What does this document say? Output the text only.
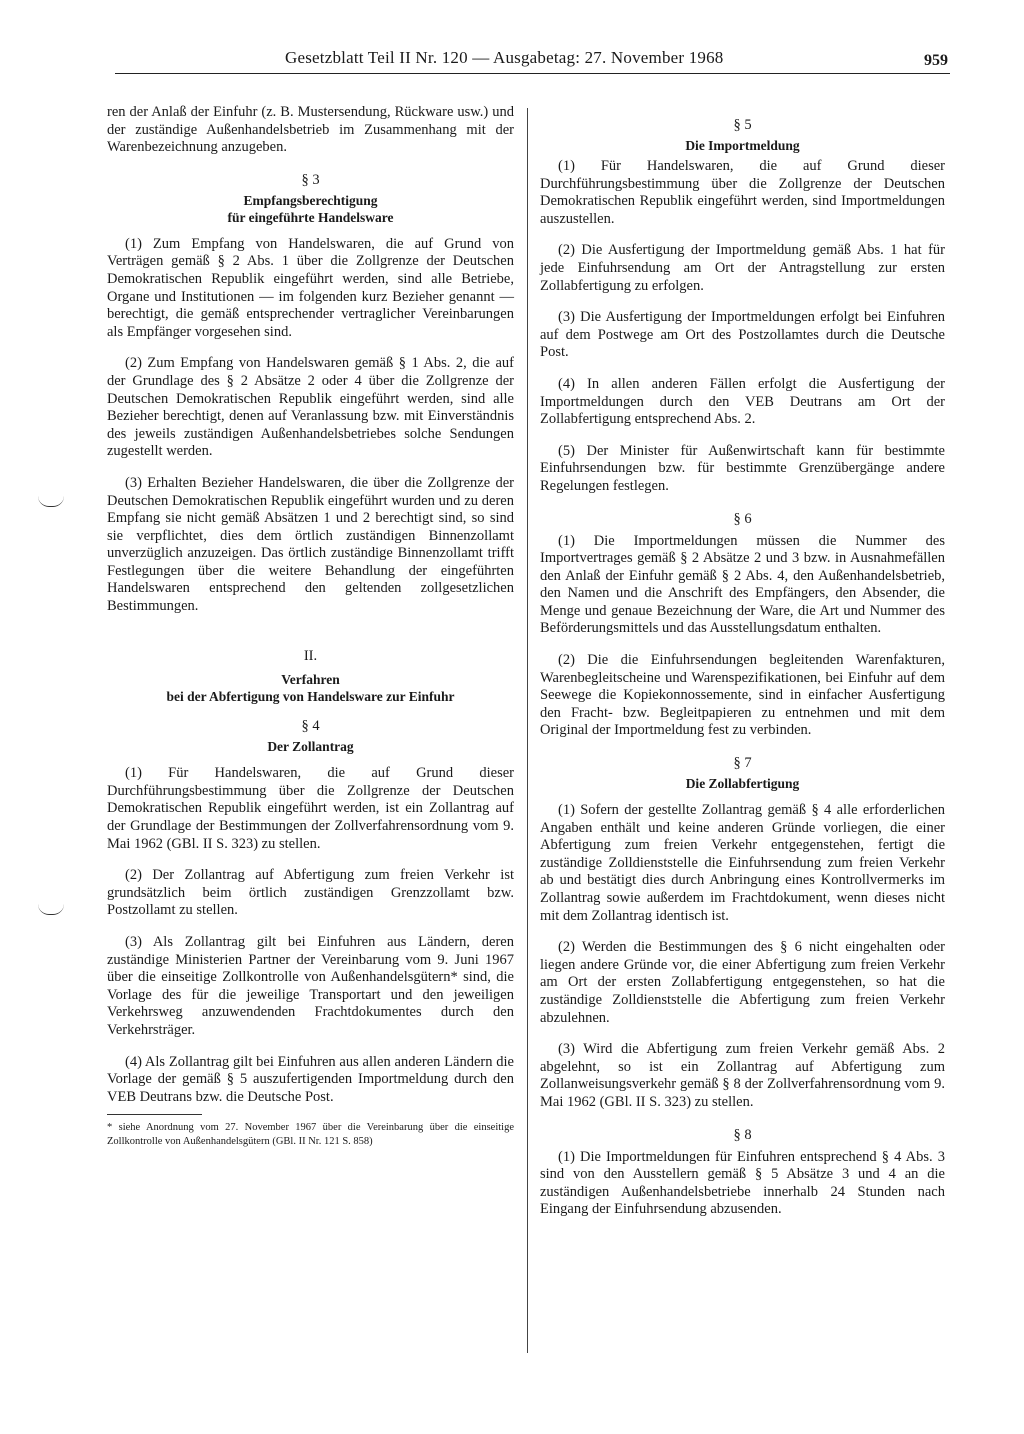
Gesetzblatt Teil II Nr. 120 — Ausgabetag: 27. November 1968	959

ren der Anlaß der Einfuhr (z. B. Mustersendung, Rückware usw.) und der zuständige Außenhandelsbetrieb im Zusammenhang mit der Warenbezeichnung anzugeben.

§ 3
Empfangsberechtigung
für eingeführte Handelsware

(1) Zum Empfang von Handelswaren, die auf Grund von Verträgen gemäß § 2 Abs. 1 über die Zollgrenze der Deutschen Demokratischen Republik eingeführt werden, sind alle Betriebe, Organe und Institutionen — im folgenden kurz Bezieher genannt — berechtigt, die gemäß entsprechender vertraglicher Vereinbarungen als Empfänger vorgesehen sind.

(2) Zum Empfang von Handelswaren gemäß § 1 Abs. 2, die auf der Grundlage des § 2 Absätze 2 oder 4 über die Zollgrenze der Deutschen Demokratischen Republik eingeführt werden, sind alle Bezieher berechtigt, denen auf Veranlassung bzw. mit Einverständnis des jeweils zuständigen Außenhandelsbetriebes solche Sendungen zugestellt werden.

(3) Erhalten Bezieher Handelswaren, die über die Zollgrenze der Deutschen Demokratischen Republik eingeführt wurden und zu deren Empfang sie nicht gemäß Absätzen 1 und 2 berechtigt sind, so sind sie verpflichtet, dies dem örtlich zuständigen Binnenzollamt unverzüglich anzuzeigen. Das örtlich zuständige Binnenzollamt trifft Festlegungen über die weitere Behandlung der eingeführten Handelswaren entsprechend den geltenden zollgesetzlichen Bestimmungen.

II.
Verfahren
bei der Abfertigung von Handelsware zur Einfuhr
§ 4
Der Zollantrag

(1) Für Handelswaren, die auf Grund dieser Durchführungsbestimmung über die Zollgrenze der Deutschen Demokratischen Republik eingeführt werden, ist ein Zollantrag auf der Grundlage der Bestimmungen der Zollverfahrensordnung vom 9. Mai 1962 (GBl. II S. 323) zu stellen.

(2) Der Zollantrag auf Abfertigung zum freien Verkehr ist grundsätzlich beim örtlich zuständigen Grenzzollamt bzw. Postzollamt zu stellen.

(3) Als Zollantrag gilt bei Einfuhren aus Ländern, deren zuständige Ministerien Partner der Vereinbarung vom 9. Juni 1967 über die einseitige Zollkontrolle von Außenhandelsgütern* sind, die Vorlage des für die jeweilige Transportart und den jeweiligen Verkehrsweg anzuwendenden Frachtdokumentes durch den Verkehrsträger.

(4) Als Zollantrag gilt bei Einfuhren aus allen anderen Ländern die Vorlage der gemäß § 5 auszufertigenden Importmeldung durch den VEB Deutrans bzw. die Deutsche Post.

* siehe Anordnung vom 27. November 1967 über die Vereinbarung über die einseitige Zollkontrolle von Außenhandelsgütern (GBl. II Nr. 121 S. 858)

§ 5
Die Importmeldung

(1) Für Handelswaren, die auf Grund dieser Durchführungsbestimmung über die Zollgrenze der Deutschen Demokratischen Republik eingeführt werden, sind Importmeldungen auszustellen.

(2) Die Ausfertigung der Importmeldung gemäß Abs. 1 hat für jede Einfuhrsendung am Ort der Antragstellung zur ersten Zollabfertigung zu erfolgen.

(3) Die Ausfertigung der Importmeldungen erfolgt bei Einfuhren auf dem Postwege am Ort des Postzollamtes durch die Deutsche Post.

(4) In allen anderen Fällen erfolgt die Ausfertigung der Importmeldungen durch den VEB Deutrans am Ort der Zollabfertigung entsprechend Abs. 2.

(5) Der Minister für Außenwirtschaft kann für bestimmte Einfuhrsendungen bzw. für bestimmte Grenzübergänge andere Regelungen festlegen.

§ 6

(1) Die Importmeldungen müssen die Nummer des Importvertrages gemäß § 2 Absätze 2 und 3 bzw. in Ausnahmefällen den Anlaß der Einfuhr gemäß § 2 Abs. 4, den Außenhandelsbetrieb, den Namen und die Anschrift des Empfängers, den Absender, die Menge und genaue Bezeichnung der Ware, die Art und Nummer des Beförderungsmittels und das Ausstellungsdatum enthalten.

(2) Die die Einfuhrsendungen begleitenden Warenfakturen, Warenbegleitscheine und Warenspezifikationen, bei Einfuhr auf dem Seewege die Kopiekonnossemente, sind in einfacher Ausfertigung den Fracht- bzw. Begleitpapieren zu entnehmen und mit dem Original der Importmeldung fest zu verbinden.

§ 7
Die Zollabfertigung

(1) Sofern der gestellte Zollantrag gemäß § 4 alle erforderlichen Angaben enthält und keine anderen Gründe vorliegen, die einer Abfertigung zum freien Verkehr entgegenstehen, fertigt die zuständige Zolldienststelle die Einfuhrsendung zum freien Verkehr ab und bestätigt dies durch Anbringung eines Kontrollvermerks im Zollantrag sowie außerdem im Frachtdokument, wenn dieses nicht mit dem Zollantrag identisch ist.

(2) Werden die Bestimmungen des § 6 nicht eingehalten oder liegen andere Gründe vor, die einer Abfertigung zum freien Verkehr am Ort der ersten Zollabfertigung entgegenstehen, so hat die zuständige Zolldienststelle die Abfertigung zum freien Verkehr abzulehnen.

(3) Wird die Abfertigung zum freien Verkehr gemäß Abs. 2 abgelehnt, so ist ein Zollantrag auf Abfertigung zum Zollanweisungsverkehr gemäß § 8 der Zollverfahrensordnung vom 9. Mai 1962 (GBl. II S. 323) zu stellen.

§ 8

(1) Die Importmeldungen für Einfuhren entsprechend § 4 Abs. 3 sind von den Ausstellern gemäß § 5 Absätze 3 und 4 an die zuständigen Außenhandelsbetriebe innerhalb 24 Stunden nach Eingang der Einfuhrsendung abzusenden.
